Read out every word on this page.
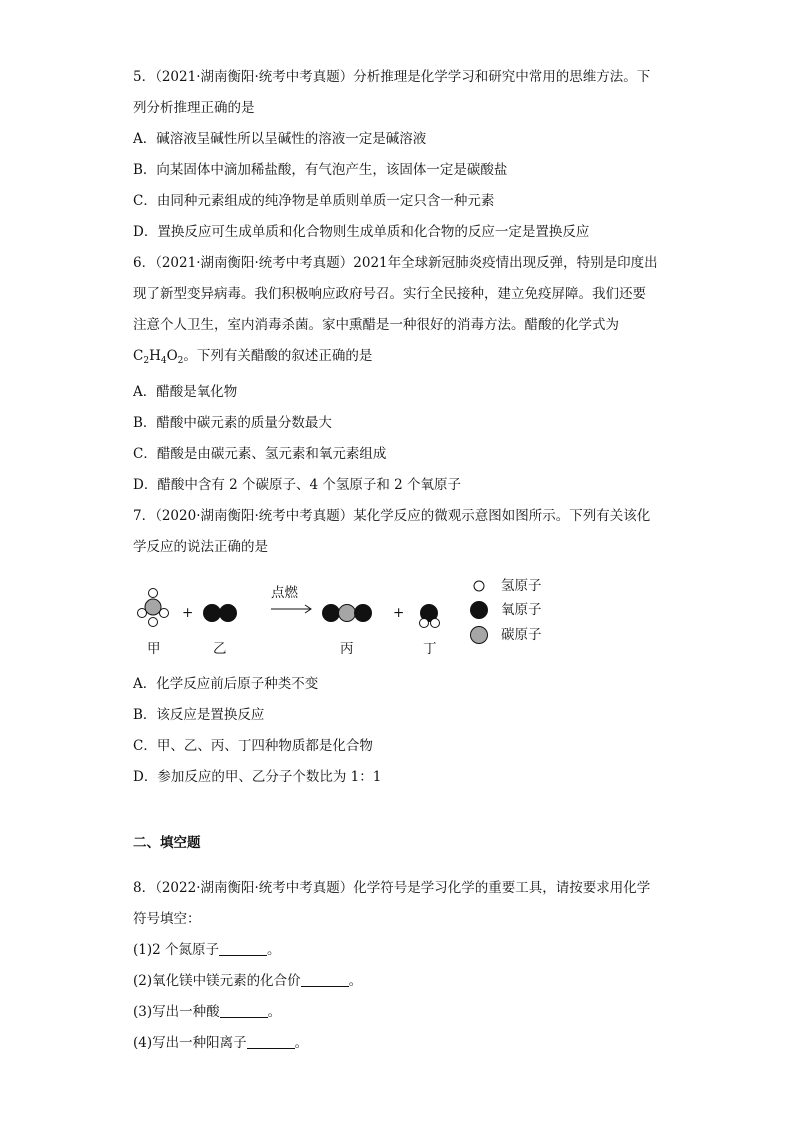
5．（2021·湖南衡阳·统考中考真题）分析推理是化学学习和研究中常用的思维方法。下

列分析推理正确的是

A．碱溶液呈碱性所以呈碱性的溶液一定是碱溶液

B．向某固体中滴加稀盐酸，有气泡产生，该固体一定是碳酸盐

C．由同种元素组成的纯净物是单质则单质一定只含一种元素

D．置换反应可生成单质和化合物则生成单质和化合物的反应一定是置换反应

6．（2021·湖南衡阳·统考中考真题）2021年全球新冠肺炎疫情出现反弹，特别是印度出

现了新型变异病毒。我们积极响应政府号召。实行全民接种，建立免疫屏障。我们还要

注意个人卫生，室内消毒杀菌。家中熏醋是一种很好的消毒方法。醋酸的化学式为

$C_2H_4O_2$。下列有关醋酸的叙述正确的是

A．醋酸是氧化物

B．醋酸中碳元素的质量分数最大

C．醋酸是由碳元素、氢元素和氧元素组成

D．醋酸中含有 2 个碳原子、4 个氢原子和 2 个氧原子

7．（2020·湖南衡阳·统考中考真题）某化学反应的微观示意图如图所示。下列有关该化

学反应的说法正确的是

+
点燃
+
甲	乙	丙	丁
氢原子
氧原子
碳原子

A．化学反应前后原子种类不变

B．该反应是置换反应

C．甲、乙、丙、丁四种物质都是化合物

D．参加反应的甲、乙分子个数比为 1：1

二、填空题

8．（2022·湖南衡阳·统考中考真题）化学符号是学习化学的重要工具，请按要求用化学

符号填空：

(1)2 个氮原子	。

(2)氧化镁中镁元素的化合价	。

(3)写出一种酸	。

(4)写出一种阳离子	。
